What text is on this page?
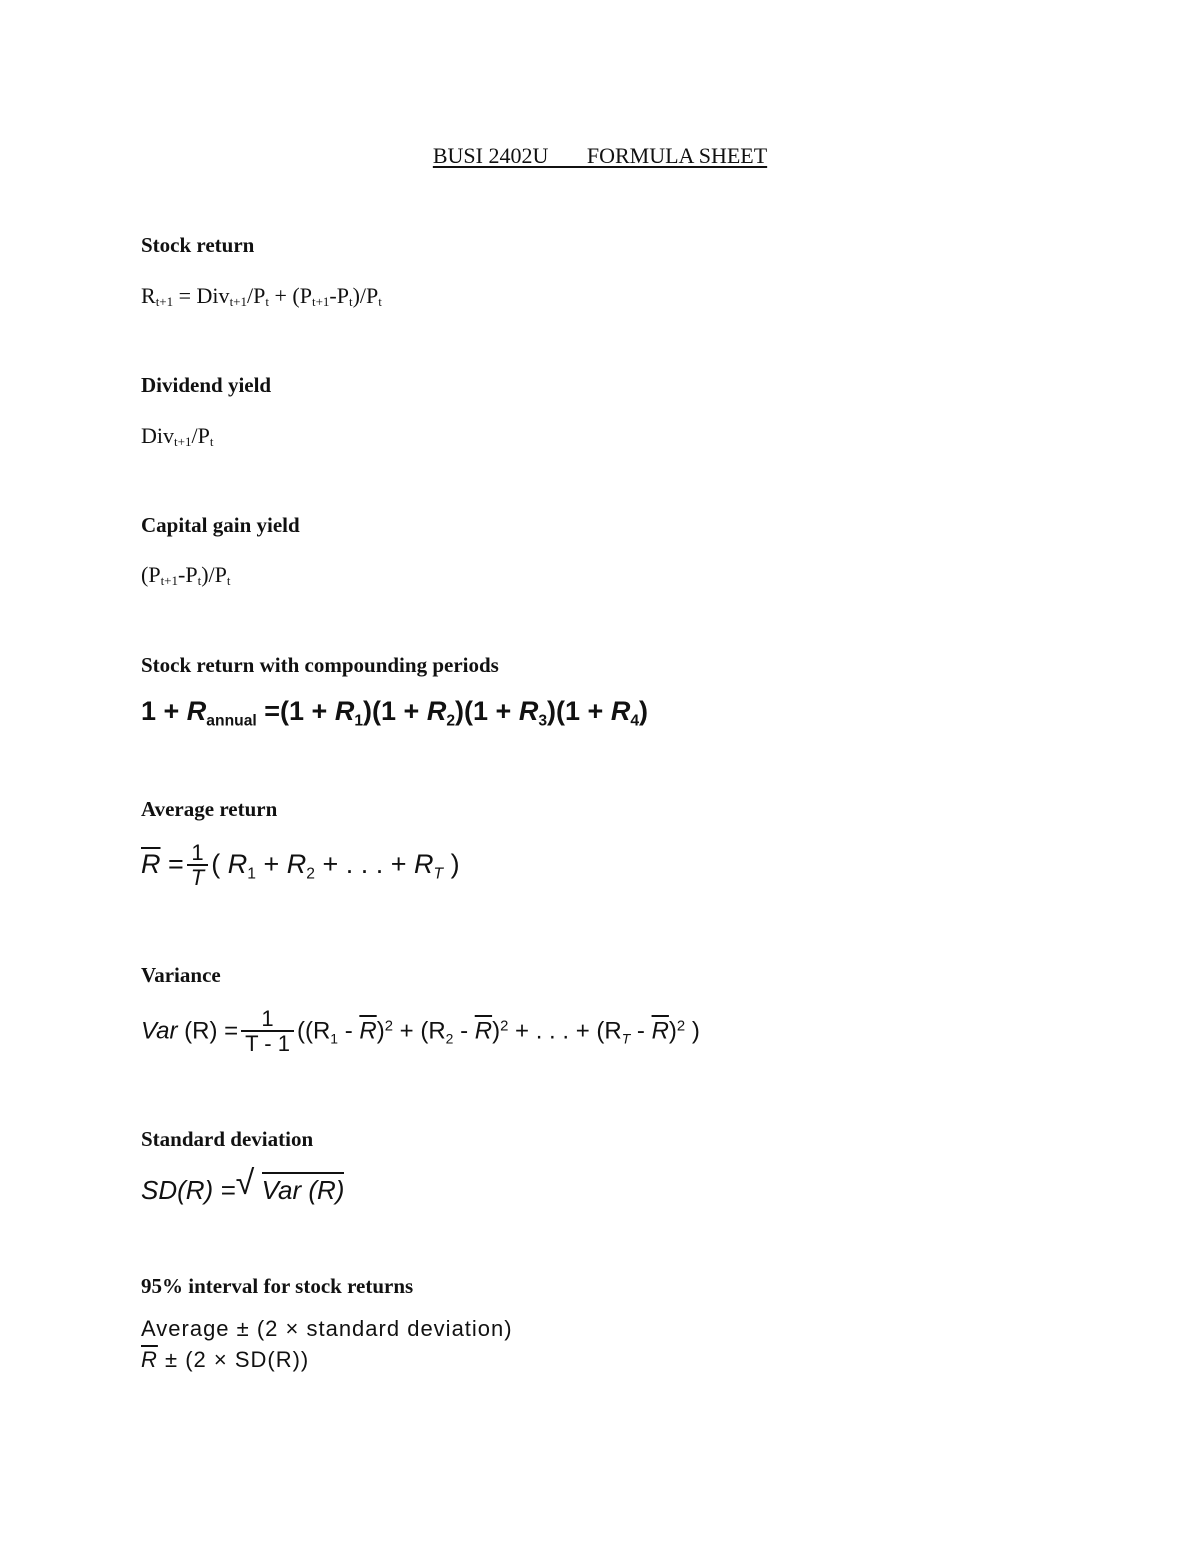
BUSI 2402U       FORMULA SHEET
Stock return
$R_{t+1} = Div_{t+1}/P_t + (P_{t+1}-P_t)/P_t$
Dividend yield
$Div_{t+1}/P_t$
Capital gain yield
$(P_{t+1}-P_t)/P_t$
Stock return with compounding periods
$1 + R_{annual} =(1 + R_1)(1 + R_2)(1 + R_3)(1 + R_4)$
Average return
$\overline{R} = \frac{1}{T}$ ( $R_1 + R_2$ + . . . + $R_T$ )
Variance
Var $(R) = \frac{1}{T - 1} ((R_1 - \overline{R})^2 + (R_2 - \overline{R})^2$ + . . . + $(R_T - \overline{R})^2$ )
Standard deviation
SD(R) = √ Var (R)
95% interval for stock returns
Average ± (2 × standard deviation)
$\overline{R} \pm (2 \times SD(R))$
